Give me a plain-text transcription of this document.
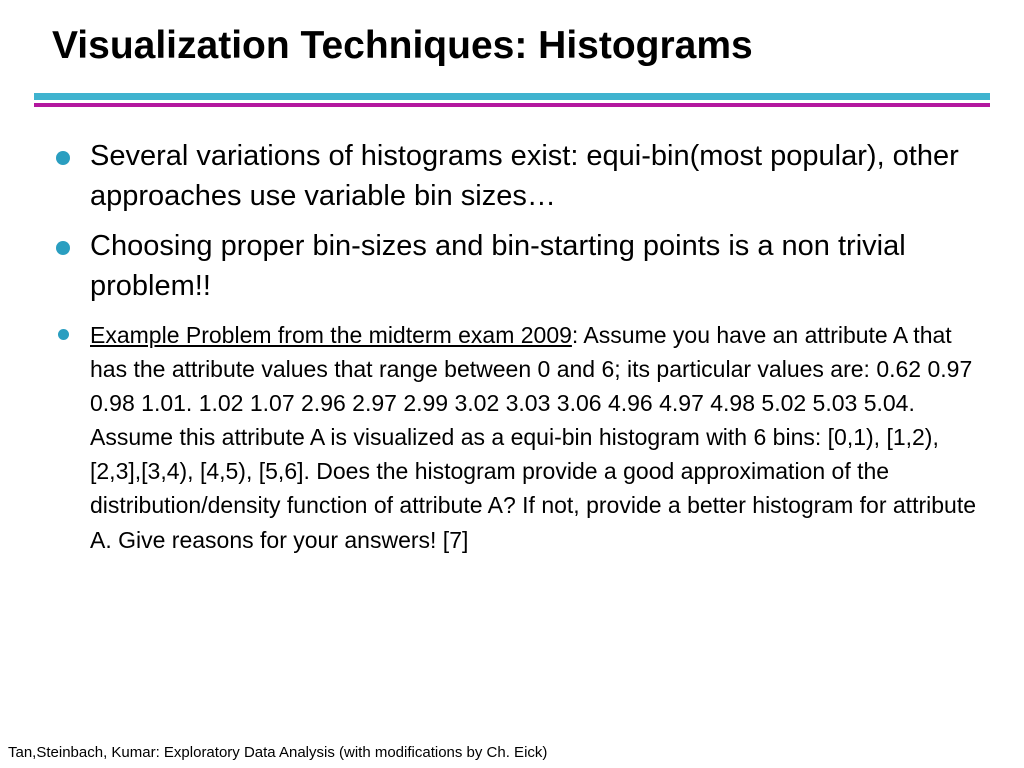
Visualization Techniques: Histograms
Several variations of histograms exist: equi-bin(most popular), other approaches use variable bin sizes…
Choosing proper bin-sizes and bin-starting points is a non trivial problem!!
Example Problem from the midterm exam 2009: Assume you have an attribute A that has the attribute values that range between 0 and 6; its particular values are: 0.62 0.97 0.98 1.01. 1.02 1.07 2.96 2.97 2.99 3.02 3.03 3.06 4.96 4.97 4.98 5.02 5.03 5.04. Assume this attribute A is visualized as a equi-bin histogram with 6 bins: [0,1), [1,2), [2,3],[3,4), [4,5), [5,6]. Does the histogram provide a good approximation of the distribution/density function of attribute A? If not, provide a better histogram for attribute A. Give reasons for your answers! [7]
Tan,Steinbach, Kumar: Exploratory Data Analysis (with modifications by Ch. Eick)
